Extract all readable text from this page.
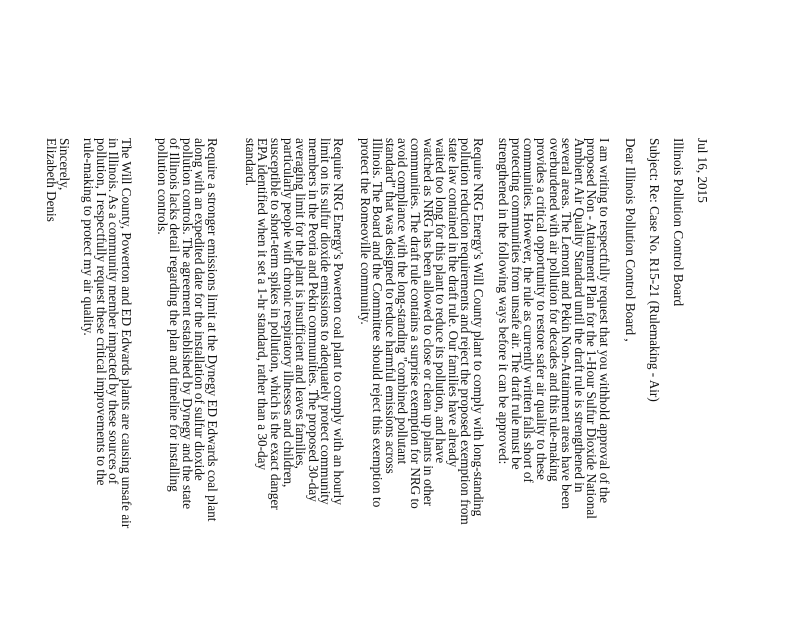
Jul 16, 2015
Illinois Pollution Control Board
Subject: Re: Case No. R15-21 (Rulemaking - Air)
Dear Illinois Pollution Control Board ,
I am writing to respectfully request that you withhold approval of the
proposed Non - Attainment Plan for the 1-Hour Sulfur Dioxide National
Ambient Air Quality Standard until the draft rule is strengthened in
several areas. The Lemont and Pekin Non-Attainment areas have been
overburdened with air pollution for decades and this rule-making
provides a critical opportunity to restore safer air quality to these
communities. However, the rule as currently written falls short of
protecting communities from unsafe air. The draft rule must be
strengthened in the following ways before it can be approved:
Require NRG Energy's Will County plant to comply with long-standing
pollution reduction requirements and reject the proposed exemption from
state law contained in the draft rule. Our families have already
waited too long for this plant to reduce its pollution, and have
watched as NRG has been allowed to close or clean up plants in other
communities. The draft rule contains a surprise exemption for NRG to
avoid compliance with the long-standing "combined pollutant
standard" that was designed to reduce harmful emissions across
Illinois. The Board and the Committee should reject this exemption to
protect the Romeoville community.
Require NRG Energy's Powerton coal plant to comply with an hourly
limit on its sulfur dioxide emissions to adequately protect community
members in the Peoria and Pekin communities. The proposed 30-day
averaging limit for the plant is insufficient and leaves families,
particularly people with chronic respiratory illnesses and children,
susceptible to short-term spikes in pollution, which is the exact danger
EPA identified when it set a 1-hr standard, rather than a 30-day
standard.
Require a stronger emissions limit at the Dynegy ED Edwards coal plant
along with an expedited date for the installation of sulfur dioxide
pollution controls. The agreement established by Dynegy and the state
of Illinois lacks detail regarding the plan and timeline for installing
pollution controls.
The Will County, Powerton and ED Edwards plants are causing unsafe air
in Illinois. As a community member impacted by these sources of
pollution, I respectfully request these critical improvements to the
rule-making to protect my air quality.
Sincerely,
Elizabeth Denis
